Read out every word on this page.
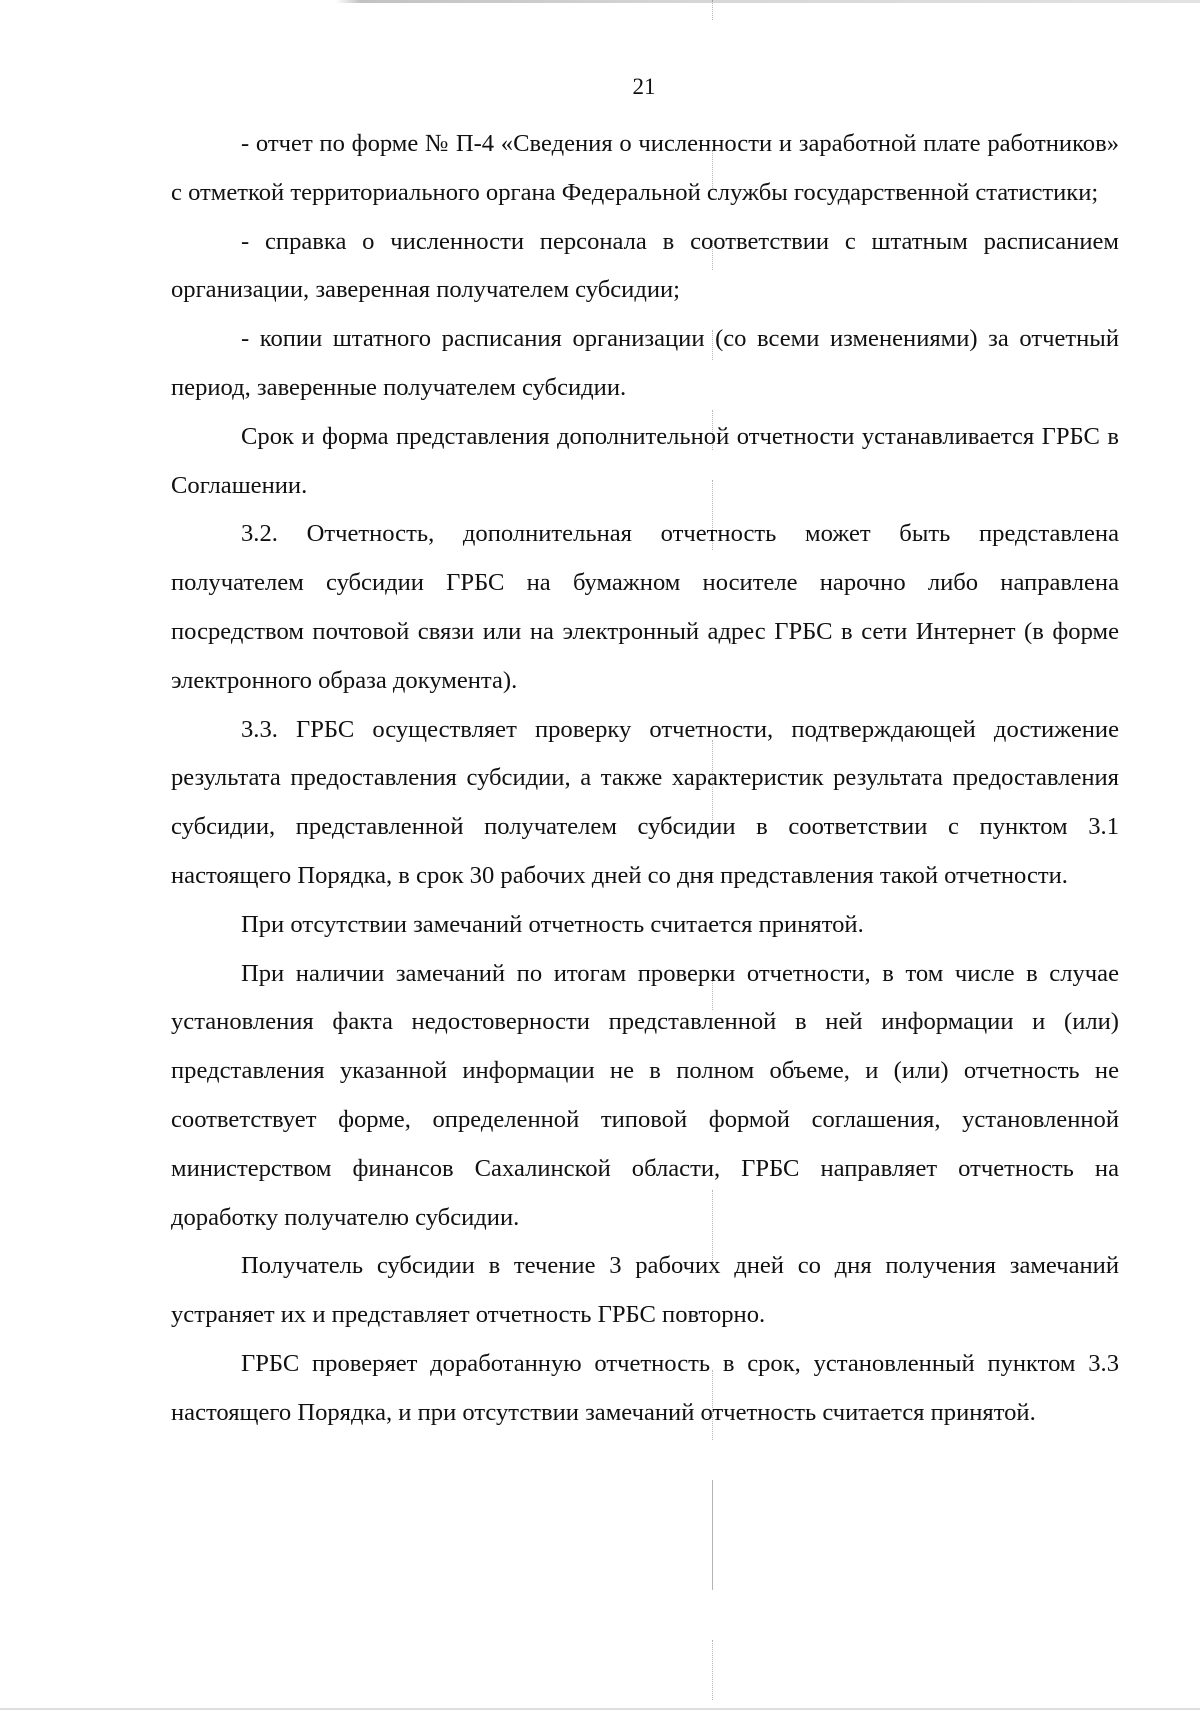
21

- отчет по форме № П-4 «Сведения о численности и заработной плате работников» с отметкой территориального органа Федеральной службы государственной статистики;

- справка о численности персонала в соответствии с штатным расписанием организации, заверенная получателем субсидии;

- копии штатного расписания организации (со всеми изменениями) за отчетный период, заверенные получателем субсидии.

Срок и форма представления дополнительной отчетности устанавливается ГРБС в Соглашении.

3.2. Отчетность, дополнительная отчетность может быть представлена получателем субсидии ГРБС на бумажном носителе нарочно либо направлена посредством почтовой связи или на электронный адрес ГРБС в сети Интернет (в форме электронного образа документа).

3.3. ГРБС осуществляет проверку отчетности, подтверждающей достижение результата предоставления субсидии, а также характеристик результата предоставления субсидии, представленной получателем субсидии в соответствии с пунктом 3.1 настоящего Порядка, в срок 30 рабочих дней со дня представления такой отчетности.

При отсутствии замечаний отчетность считается принятой.

При наличии замечаний по итогам проверки отчетности, в том числе в случае установления факта недостоверности представленной в ней информации и (или) представления указанной информации не в полном объеме, и (или) отчетность не соответствует форме, определенной типовой формой соглашения, установленной министерством финансов Сахалинской области, ГРБС направляет отчетность на доработку получателю субсидии.

Получатель субсидии в течение 3 рабочих дней со дня получения замечаний устраняет их и представляет отчетность ГРБС повторно.

ГРБС проверяет доработанную отчетность в срок, установленный пунктом 3.3 настоящего Порядка, и при отсутствии замечаний отчетность считается принятой.
